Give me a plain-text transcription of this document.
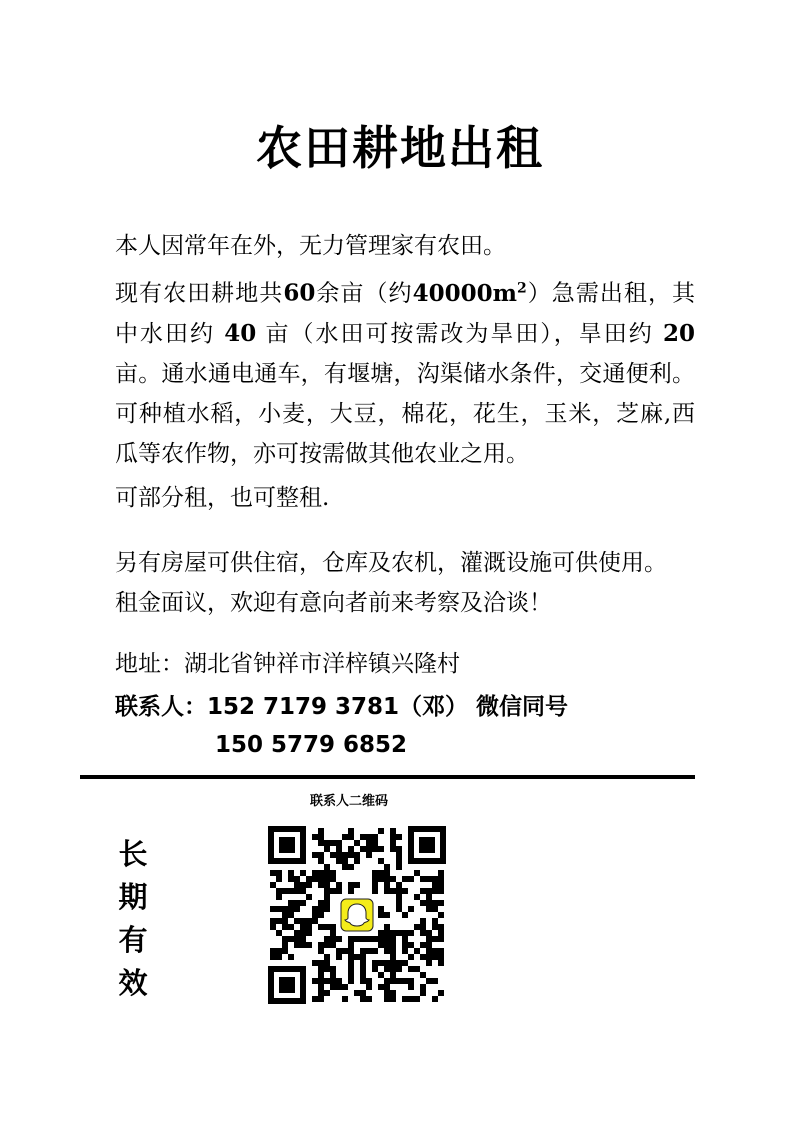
农田耕地出租
本人因常年在外，无力管理家有农田。
现有农田耕地共60余亩（约$40000m^2$）急需出租，其中水田约 40 亩（水田可按需改为旱田），旱田约 20亩。通水通电通车，有堰塘，沟渠储水条件，交通便利。可种植水稻，小麦，大豆，棉花，花生，玉米，芝麻,西瓜等农作物，亦可按需做其他农业之用。
可部分租，也可整租.
另有房屋可供住宿，仓库及农机，灌溉设施可供使用。
租金面议，欢迎有意向者前来考察及洽谈！
地址：湖北省钟祥市洋梓镇兴隆村
联系人：152 7179 3781（邓） 微信同号
150 5779 6852
联系人二维码
长
期
有
效
